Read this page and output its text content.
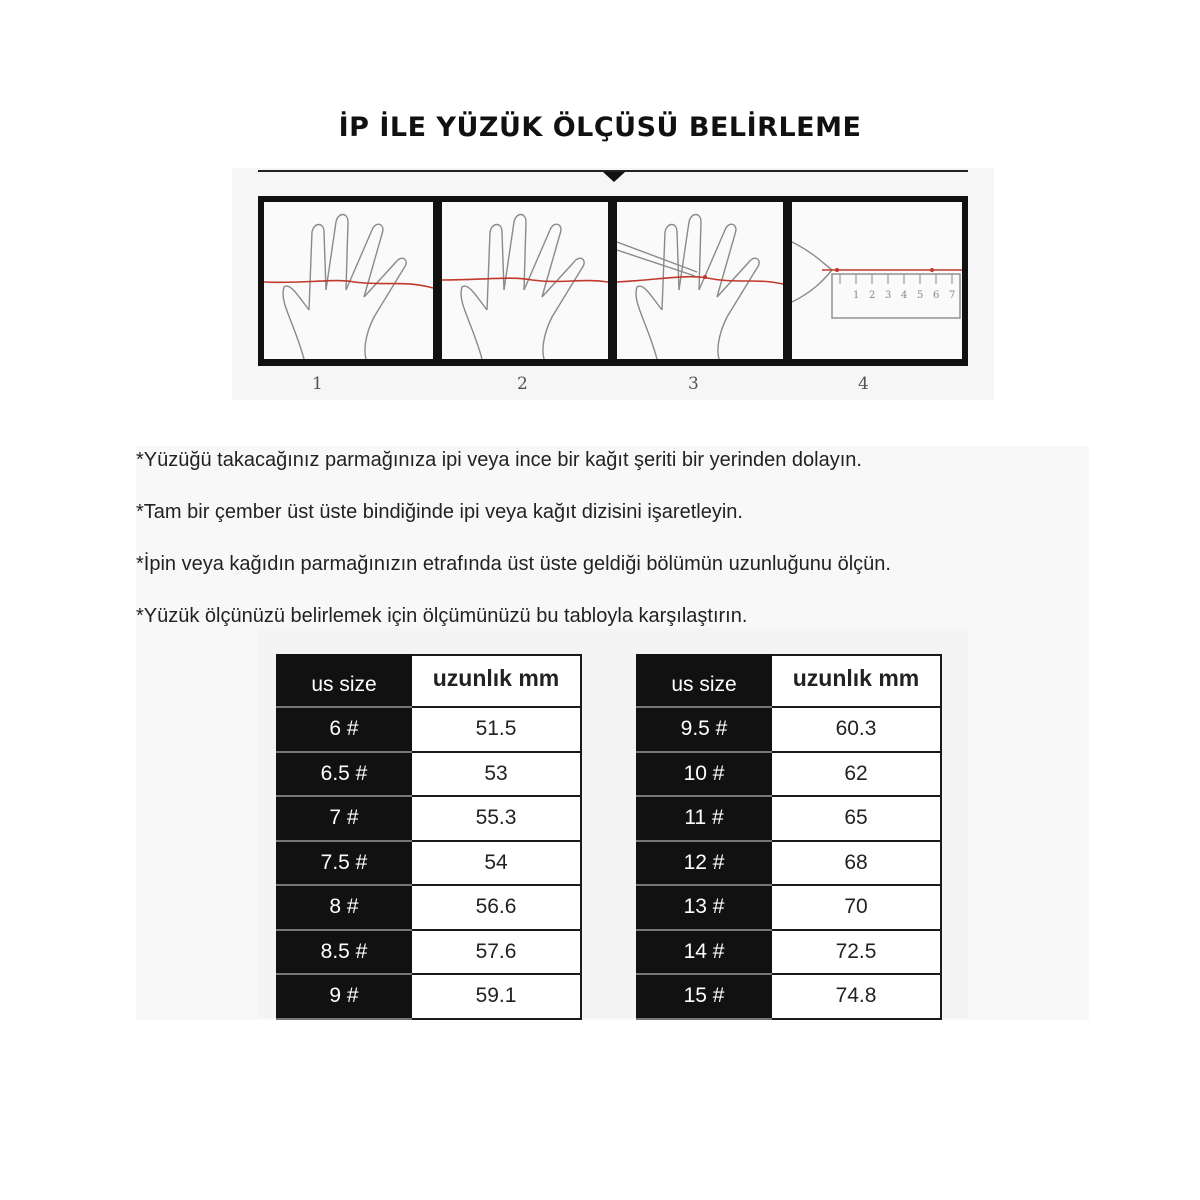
İP İLE YÜZÜK ÖLÇÜSÜ BELİRLEME
1 2 3 4 5 6 7
1	2	3	4
*Yüzüğü takacağınız parmağınıza ipi veya ince bir kağıt şeriti bir yerinden dolayın.
*Tam bir çember üst üste bindiğinde ipi veya kağıt dizisini işaretleyin.
*İpin veya kağıdın parmağınızın etrafında üst üste geldiği bölümün uzunluğunu ölçün.
*Yüzük ölçünüzü belirlemek için ölçümünüzü bu tabloyla karşılaştırın.
us size	uzunlık mm
6 #	51.5
6.5 #	53
7 #	55.3
7.5 #	54
8 #	56.6
8.5 #	57.6
9 #	59.1
us size	uzunlık mm
9.5 #	60.3
10 #	62
11 #	65
12 #	68
13 #	70
14 #	72.5
15 #	74.8
